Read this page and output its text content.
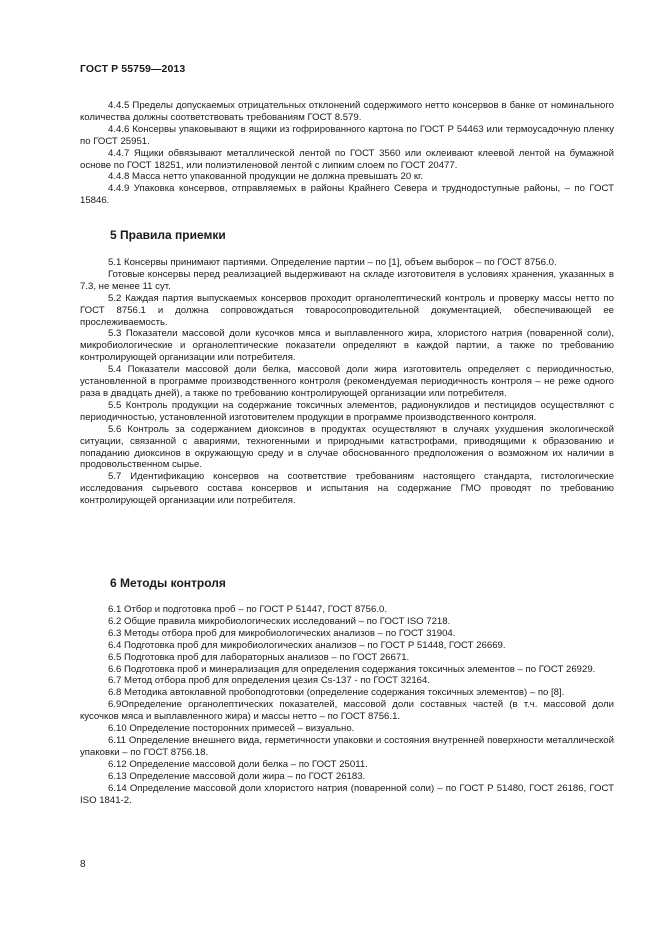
ГОСТ Р 55759—2013

4.4.5 Пределы допускаемых отрицательных отклонений содержимого нетто консервов в банке от номинального количества должны соответствовать требованиям ГОСТ 8.579.

4.4.6 Консервы упаковывают в ящики из гофрированного картона по ГОСТ Р 54463 или термоусадочную пленку по ГОСТ 25951.

4.4.7 Ящики обвязывают металлической лентой по ГОСТ 3560 или оклеивают клеевой лентой на бумажной основе по ГОСТ 18251, или полиэтиленовой лентой с липким слоем по ГОСТ 20477.

4.4.8 Масса нетто упакованной продукции не должна превышать 20 кг.

4.4.9 Упаковка консервов, отправляемых в районы Крайнего Севера и труднодоступные районы, – по ГОСТ 15846.

5 Правила приемки

5.1 Консервы принимают партиями. Определение партии – по [1], объем выборок – по ГОСТ 8756.0.

Готовые консервы перед реализацией выдерживают на складе изготовителя в условиях хранения, указанных в 7.3, не менее 11 сут.

5.2 Каждая партия выпускаемых консервов проходит органолептический контроль и проверку массы нетто по ГОСТ 8756.1 и должна сопровождаться товаросопроводительной документацией, обеспечивающей ее прослеживаемость.

5.3 Показатели массовой доли кусочков мяса и выплавленного жира, хлористого натрия (поваренной соли), микробиологические и органолептические показатели определяют в каждой партии, а также по требованию контролирующей организации или потребителя.

5.4 Показатели массовой доли белка, массовой доли жира изготовитель определяет с периодичностью, установленной в программе производственного контроля (рекомендуемая периодичность контроля – не реже одного раза в двадцать дней), а также по требованию контролирующей организации или потребителя.

5.5 Контроль продукции на содержание токсичных элементов, радионуклидов и пестицидов осуществляют с периодичностью, установленной изготовителем продукции в программе производственного контроля.

5.6 Контроль за содержанием диоксинов в продуктах осуществляют в случаях ухудшения экологической ситуации, связанной с авариями, техногенными и природными катастрофами, приводящими к образованию и попаданию диоксинов в окружающую среду и в случае обоснованного предположения о возможном их наличии в продовольственном сырье.

5.7 Идентификацию консервов на соответствие требованиям настоящего стандарта, гистологические исследования сырьевого состава консервов и испытания на содержание ГМО проводят по требованию контролирующей организации или потребителя.

6 Методы контроля

6.1 Отбор и подготовка проб – по ГОСТ Р 51447, ГОСТ 8756.0.

6.2 Общие правила микробиологических исследований – по ГОСТ ISO 7218.

6.3 Методы отбора проб для микробиологических анализов – по ГОСТ 31904.

6.4 Подготовка проб для микробиологических анализов – по ГОСТ Р 51448, ГОСТ 26669.

6.5 Подготовка проб для лабораторных анализов – по ГОСТ 26671.

6.6 Подготовка проб и минерализация для определения содержания токсичных элементов – по ГОСТ 26929.

6.7 Метод отбора проб для определения цезия Cs-137 - по ГОСТ 32164.

6.8 Методика автоклавной пробоподготовки (определение содержания токсичных элементов) – по [8].

6.9Определение органолептических показателей, массовой доли составных частей (в т.ч. массовой доли кусочков мяса и выплавленного жира) и массы нетто – по ГОСТ 8756.1.

6.10 Определение посторонних примесей – визуально.

6.11 Определение внешнего вида, герметичности упаковки и состояния внутренней поверхности металлической упаковки – по ГОСТ 8756.18.

6.12 Определение массовой доли белка – по ГОСТ 25011.

6.13 Определение массовой доли жира – по ГОСТ 26183.

6.14 Определение массовой доли хлористого натрия (поваренной соли) – по ГОСТ Р 51480, ГОСТ 26186, ГОСТ ISO 1841-2.

8
